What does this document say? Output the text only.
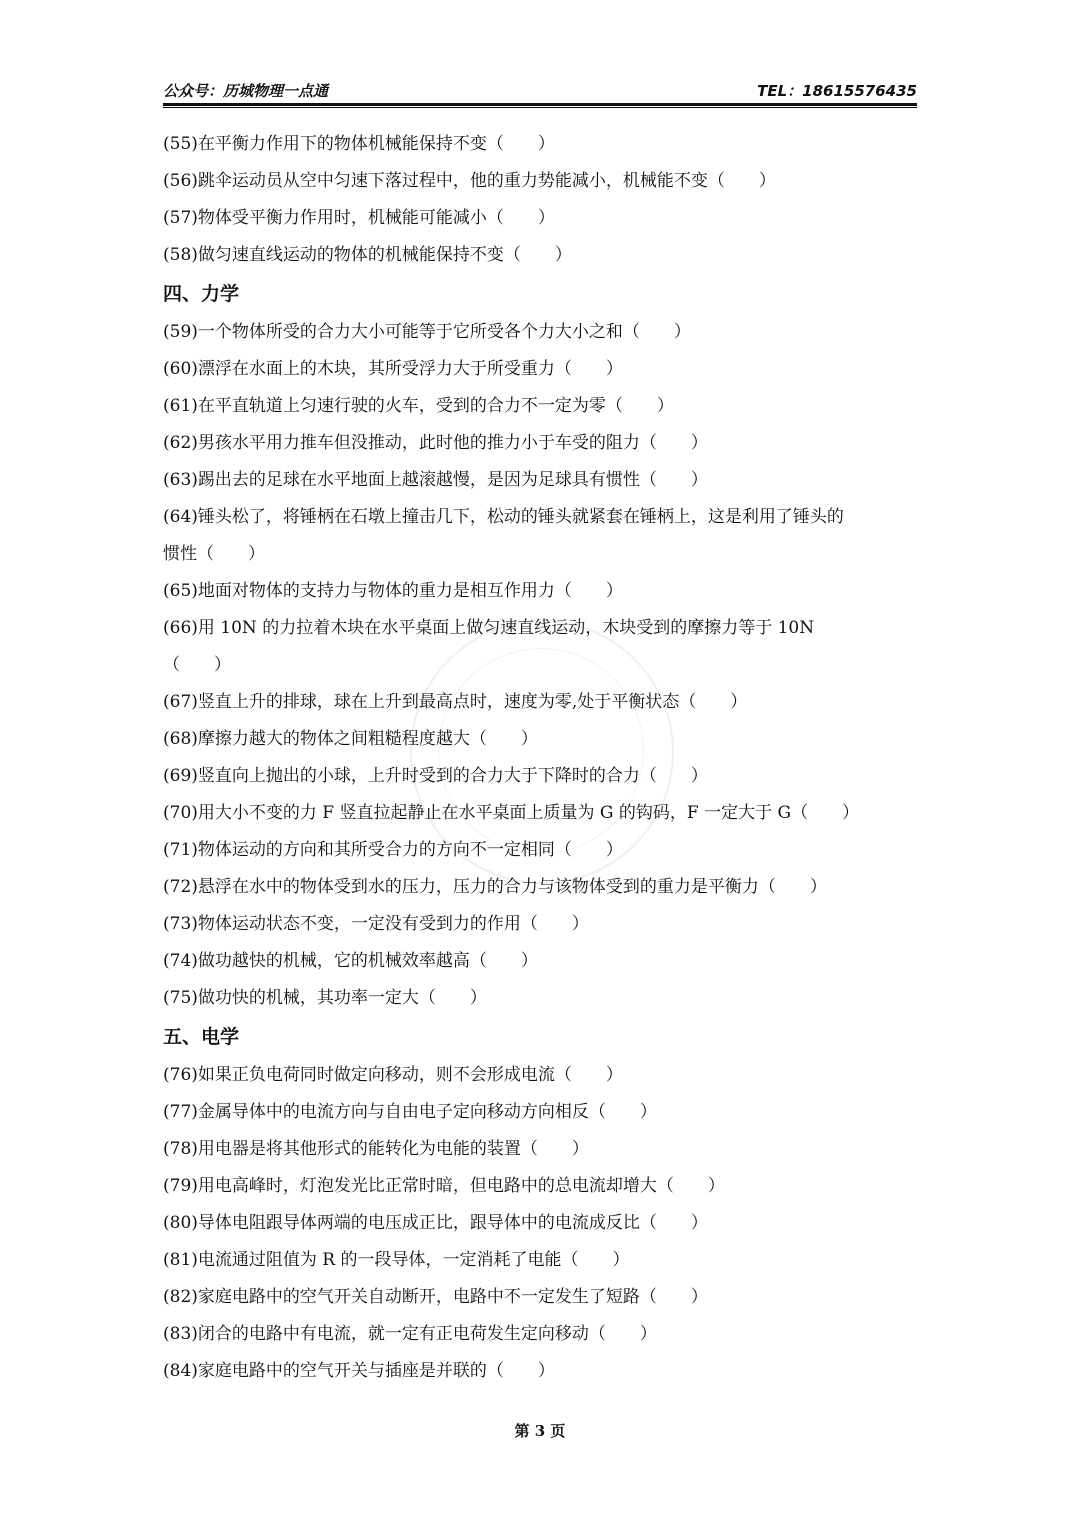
公众号：历城物理一点通	TEL：18615576435
(55)在平衡力作用下的物体机械能保持不变（　　）
(56)跳伞运动员从空中匀速下落过程中，他的重力势能减小，机械能不变（　　）
(57)物体受平衡力作用时，机械能可能减小（　　）
(58)做匀速直线运动的物体的机械能保持不变（　　）
四、力学
(59)一个物体所受的合力大小可能等于它所受各个力大小之和（　　）
(60)漂浮在水面上的木块，其所受浮力大于所受重力（　　）
(61)在平直轨道上匀速行驶的火车，受到的合力不一定为零（　　）
(62)男孩水平用力推车但没推动，此时他的推力小于车受的阻力（　　）
(63)踢出去的足球在水平地面上越滚越慢，是因为足球具有惯性（　　）
(64)锤头松了，将锤柄在石墩上撞击几下，松动的锤头就紧套在锤柄上，这是利用了锤头的
惯性（　　）
(65)地面对物体的支持力与物体的重力是相互作用力（　　）
(66)用 10N 的力拉着木块在水平桌面上做匀速直线运动，木块受到的摩擦力等于 10N
（　　）
(67)竖直上升的排球，球在上升到最高点时，速度为零,处于平衡状态（　　）
(68)摩擦力越大的物体之间粗糙程度越大（　　）
(69)竖直向上抛出的小球，上升时受到的合力大于下降时的合力（　　）
(70)用大小不变的力 F 竖直拉起静止在水平桌面上质量为 G 的钩码，F 一定大于 G（　　）
(71)物体运动的方向和其所受合力的方向不一定相同（　　）
(72)悬浮在水中的物体受到水的压力，压力的合力与该物体受到的重力是平衡力（　　）
(73)物体运动状态不变，一定没有受到力的作用（　　）
(74)做功越快的机械，它的机械效率越高（　　）
(75)做功快的机械，其功率一定大（　　）
五、电学
(76)如果正负电荷同时做定向移动，则不会形成电流（　　）
(77)金属导体中的电流方向与自由电子定向移动方向相反（　　）
(78)用电器是将其他形式的能转化为电能的装置（　　）
(79)用电高峰时，灯泡发光比正常时暗，但电路中的总电流却增大（　　）
(80)导体电阻跟导体两端的电压成正比，跟导体中的电流成反比（　　）
(81)电流通过阻值为 R 的一段导体，一定消耗了电能（　　）
(82)家庭电路中的空气开关自动断开，电路中不一定发生了短路（　　）
(83)闭合的电路中有电流，就一定有正电荷发生定向移动（　　）
(84)家庭电路中的空气开关与插座是并联的（　　）
第 3 页
